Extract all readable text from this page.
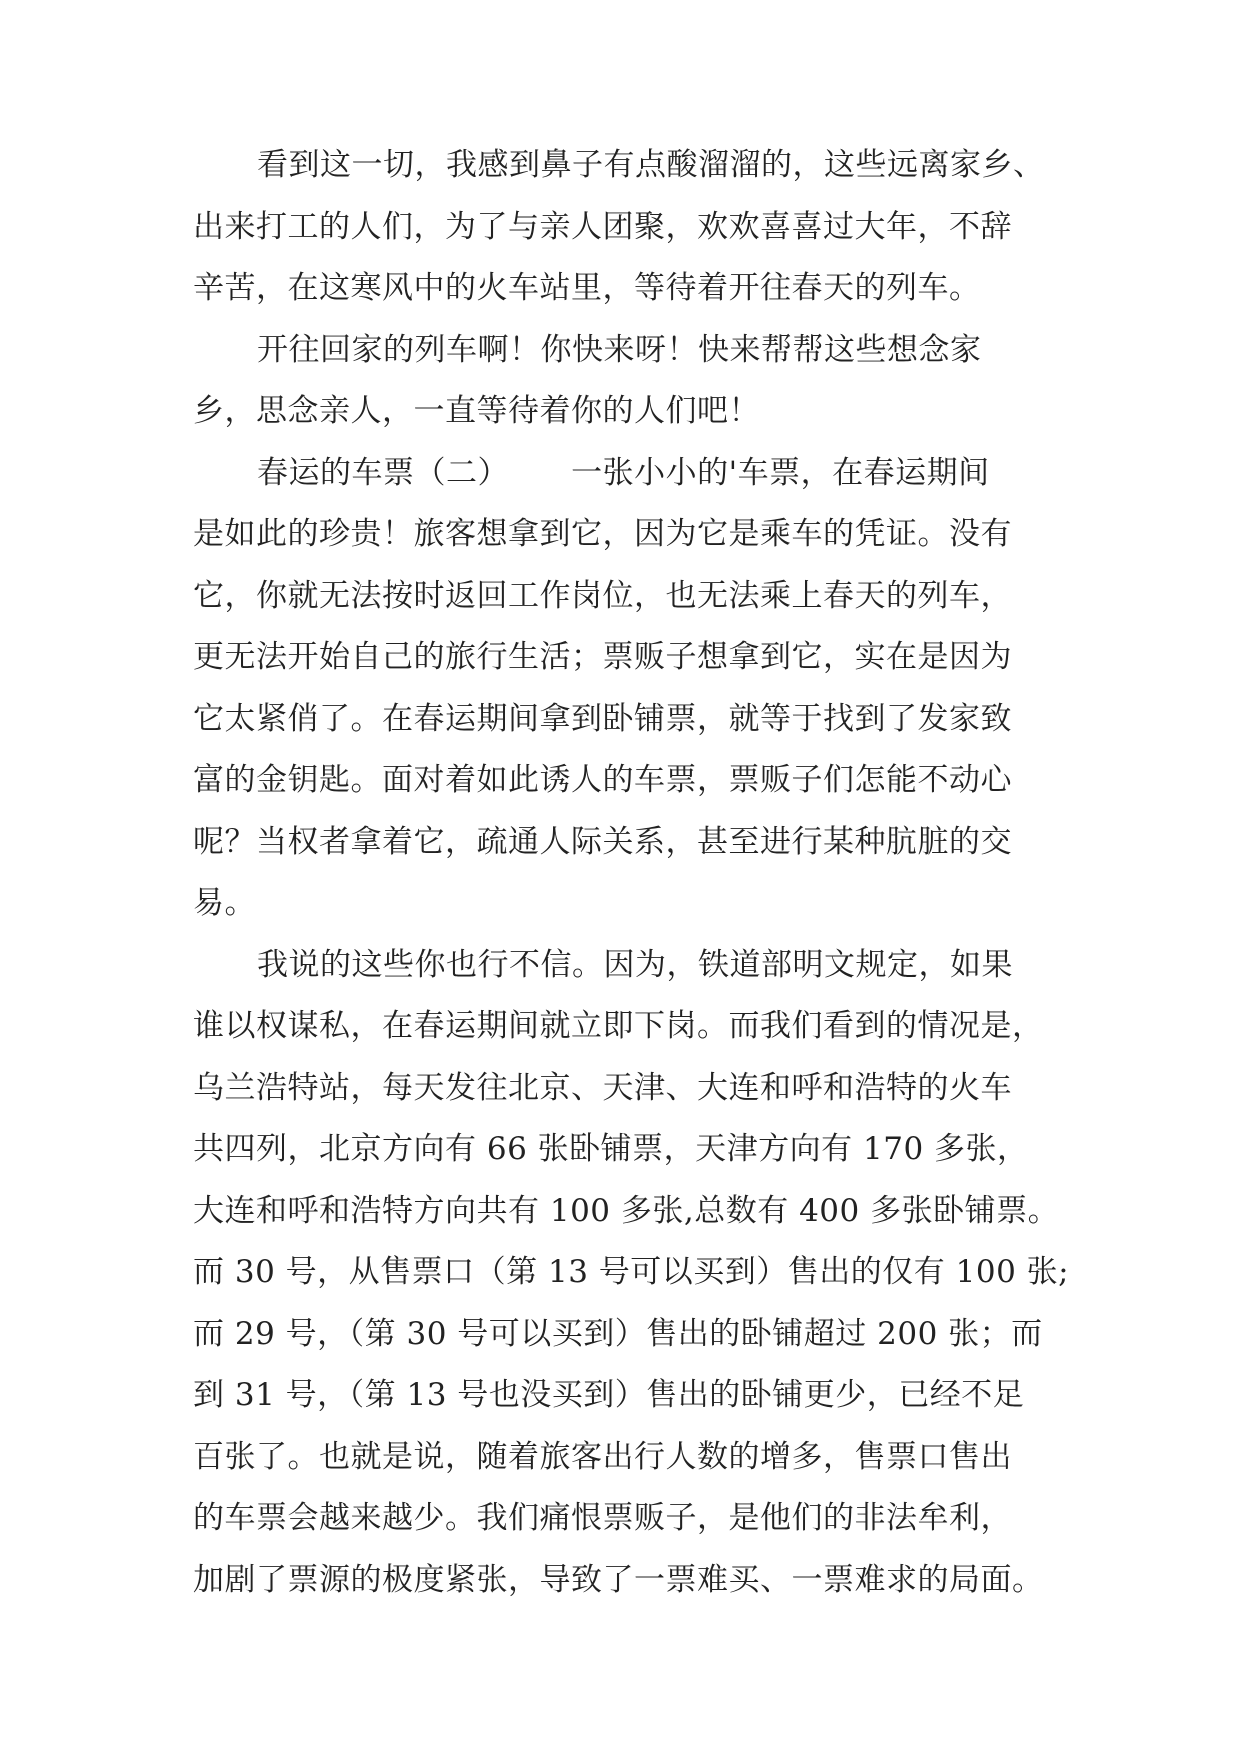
看到这一切，我感到鼻子有点酸溜溜的，这些远离家乡、
出来打工的人们，为了与亲人团聚，欢欢喜喜过大年，不辞
辛苦，在这寒风中的火车站里，等待着开往春天的列车。
开往回家的列车啊！你快来呀！快来帮帮这些想念家
乡，思念亲人，一直等待着你的人们吧！
春运的车票（二）      一张小小的'车票，在春运期间
是如此的珍贵！旅客想拿到它，因为它是乘车的凭证。没有
它，你就无法按时返回工作岗位，也无法乘上春天的列车，
更无法开始自己的旅行生活；票贩子想拿到它，实在是因为
它太紧俏了。在春运期间拿到卧铺票，就等于找到了发家致
富的金钥匙。面对着如此诱人的车票，票贩子们怎能不动心
呢？当权者拿着它，疏通人际关系，甚至进行某种肮脏的交
易。
我说的这些你也行不信。因为，铁道部明文规定，如果
谁以权谋私，在春运期间就立即下岗。而我们看到的情况是，
乌兰浩特站，每天发往北京、天津、大连和呼和浩特的火车
共四列，北京方向有 66 张卧铺票，天津方向有 170 多张，
大连和呼和浩特方向共有 100 多张,总数有 400 多张卧铺票。
而 30 号，从售票口（第 13 号可以买到）售出的仅有 100 张;
而 29 号，（第 30 号可以买到）售出的卧铺超过 200 张；而
到 31 号，（第 13 号也没买到）售出的卧铺更少，已经不足
百张了。也就是说，随着旅客出行人数的增多，售票口售出
的车票会越来越少。我们痛恨票贩子，是他们的非法牟利，
加剧了票源的极度紧张，导致了一票难买、一票难求的局面。
